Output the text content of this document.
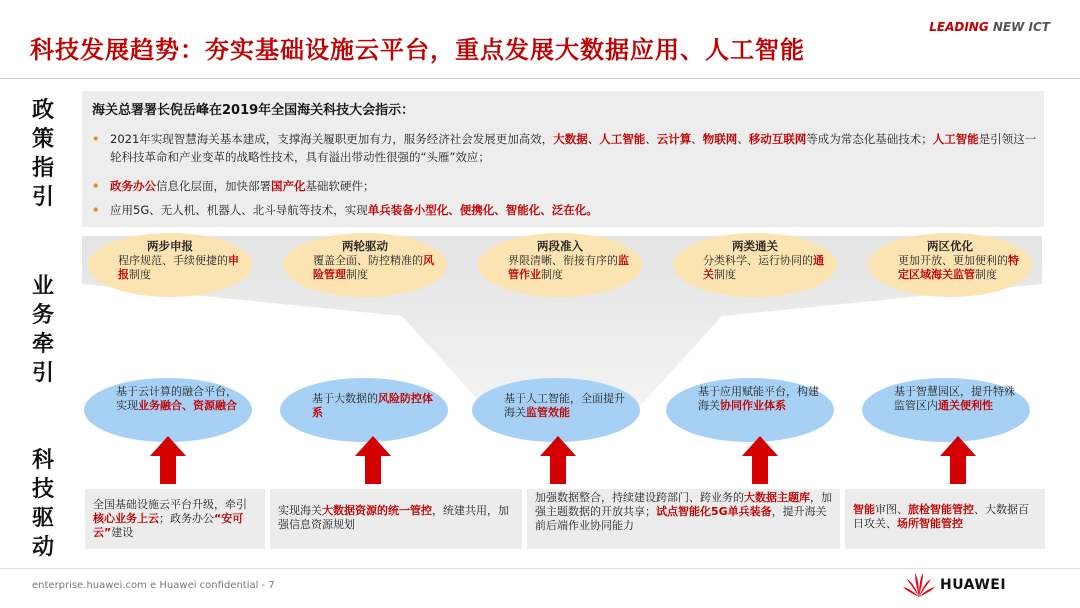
科技发展趋势：夯实基础设施云平台，重点发展大数据应用、人工智能
LEADING NEW ICT
政
策
指
引
业
务
牵
引
科
技
驱
动
海关总署署长倪岳峰在2019年全国海关科技大会指示：
• 2021年实现智慧海关基本建成，支撑海关履职更加有力，服务经济社会发展更加高效，大数据、人工智能、云计算、物联网、移动互联网等成为常态化基础技术；人工智能是引领这一轮科技革命和产业变革的战略性技术，具有溢出带动性很强的“头雁”效应；
• 政务办公信息化层面，加快部署国产化基础软硬件；
• 应用5G、无人机、机器人、北斗导航等技术，实现单兵装备小型化、便携化、智能化、泛在化。
两步申报
程序规范、手续便捷的申报制度
两轮驱动
覆盖全面、防控精准的风险管理制度
两段准入
界限清晰、衔接有序的监管作业制度
两类通关
分类科学、运行协同的通关制度
两区优化
更加开放、更加便利的特定区域海关监管制度
基于云计算的融合平台，实现业务融合、资源融合
基于大数据的风险防控体系
基于人工智能，全面提升海关监管效能
基于应用赋能平台，构建海关协同作业体系
基于智慧园区，提升特殊监管区内通关便利性
全国基础设施云平台升级，牵引核心业务上云；政务办公“安可云”建设
实现海关大数据资源的统一管控，统建共用，加强信息资源规划
加强数据整合，持续建设跨部门、跨业务的大数据主题库，加强主题数据的开放共享；试点智能化5G单兵装备，提升海关前后端作业协同能力
智能审图、旅检智能管控、大数据百日攻关、场所智能管控
enterprise.huawei.com e Huawei confidential - 7	HUAWEI
